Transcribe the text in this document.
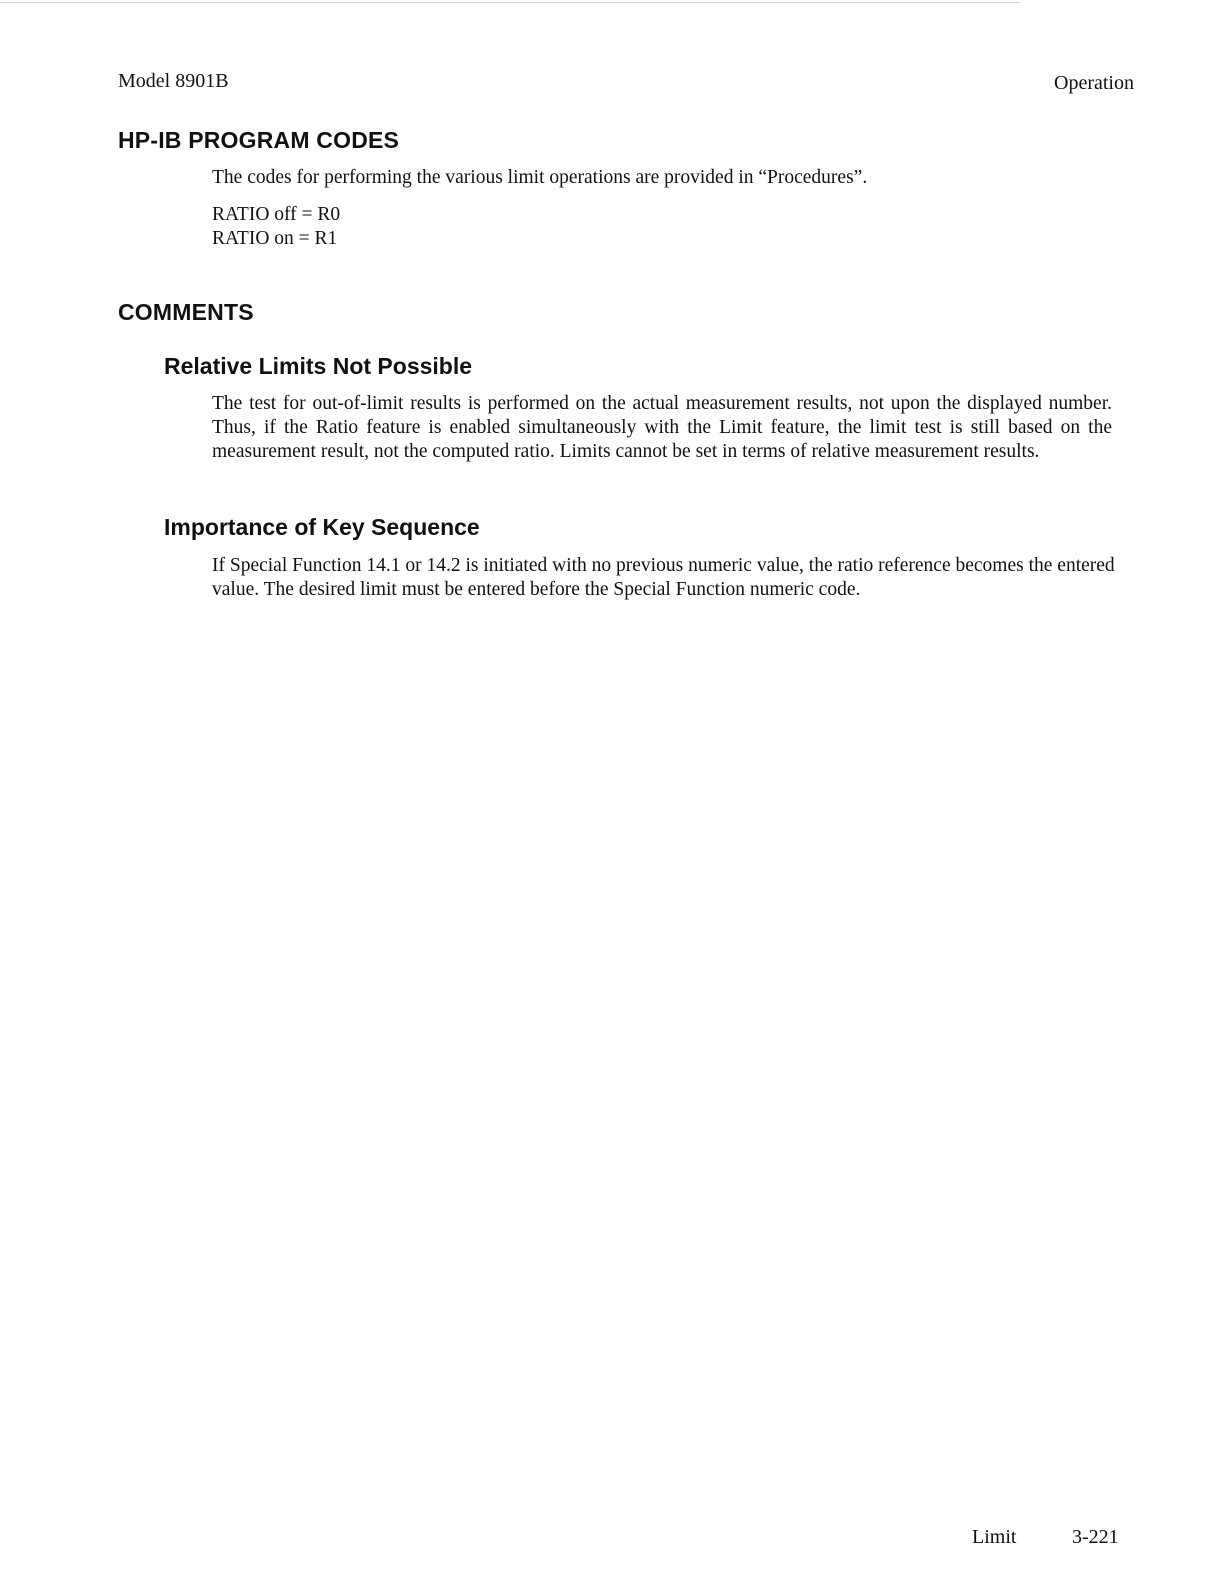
Model 8901B	Operation
HP-IB PROGRAM CODES
The codes for performing the various limit operations are provided in “Procedures”.
RATIO off = R0
RATIO on = R1
COMMENTS
Relative Limits Not Possible
The test for out-of-limit results is performed on the actual measurement results, not upon the displayed number. Thus, if the Ratio feature is enabled simultaneously with the Limit feature, the limit test is still based on the measurement result, not the computed ratio. Limits cannot be set in terms of relative measurement results.
Importance of Key Sequence
If Special Function 14.1 or 14.2 is initiated with no previous numeric value, the ratio reference becomes the entered value. The desired limit must be entered before the Special Function numeric code.
Limit	3-221
